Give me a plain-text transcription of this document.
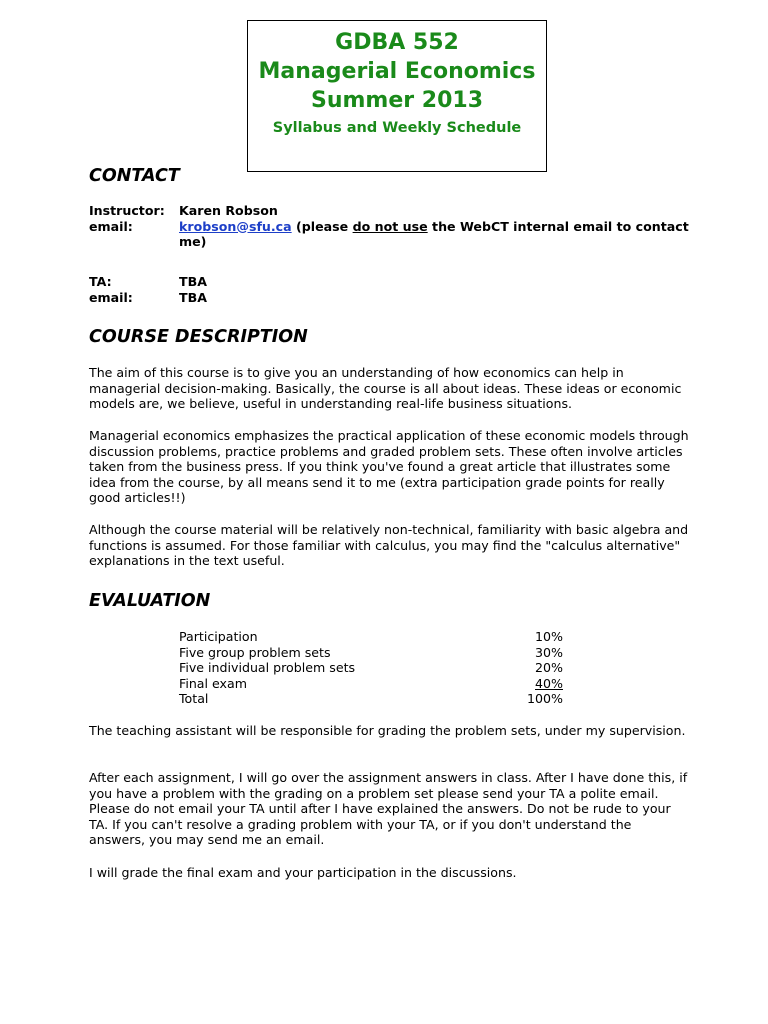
GDBA 552
Managerial Economics
Summer 2013
Syllabus and Weekly Schedule
CONTACT
Instructor:	Karen Robson
email:	krobson@sfu.ca (please do not use the WebCT internal email to contact me)
TA:	TBA
email:	TBA
COURSE DESCRIPTION
The aim of this course is to give you an understanding of how economics can help in managerial decision-making. Basically, the course is all about ideas. These ideas or economic models are, we believe, useful in understanding real-life business situations.
Managerial economics emphasizes the practical application of these economic models through discussion problems, practice problems and graded problem sets. These often involve articles taken from the business press. If you think you've found a great article that illustrates some idea from the course, by all means send it to me (extra participation grade points for really good articles!!)
Although the course material will be relatively non-technical, familiarity with basic algebra and functions is assumed. For those familiar with calculus, you may find the "calculus alternative" explanations in the text useful.
EVALUATION
Participation	10%
Five group problem sets	30%
Five individual problem sets	20%
Final exam	40%
Total	100%
The teaching assistant will be responsible for grading the problem sets, under my supervision.
After each assignment, I will go over the assignment answers in class. After I have done this, if you have a problem with the grading on a problem set please send your TA a polite email. Please do not email your TA until after I have explained the answers. Do not be rude to your TA. If you can't resolve a grading problem with your TA, or if you don't understand the answers, you may send me an email.
I will grade the final exam and your participation in the discussions.
